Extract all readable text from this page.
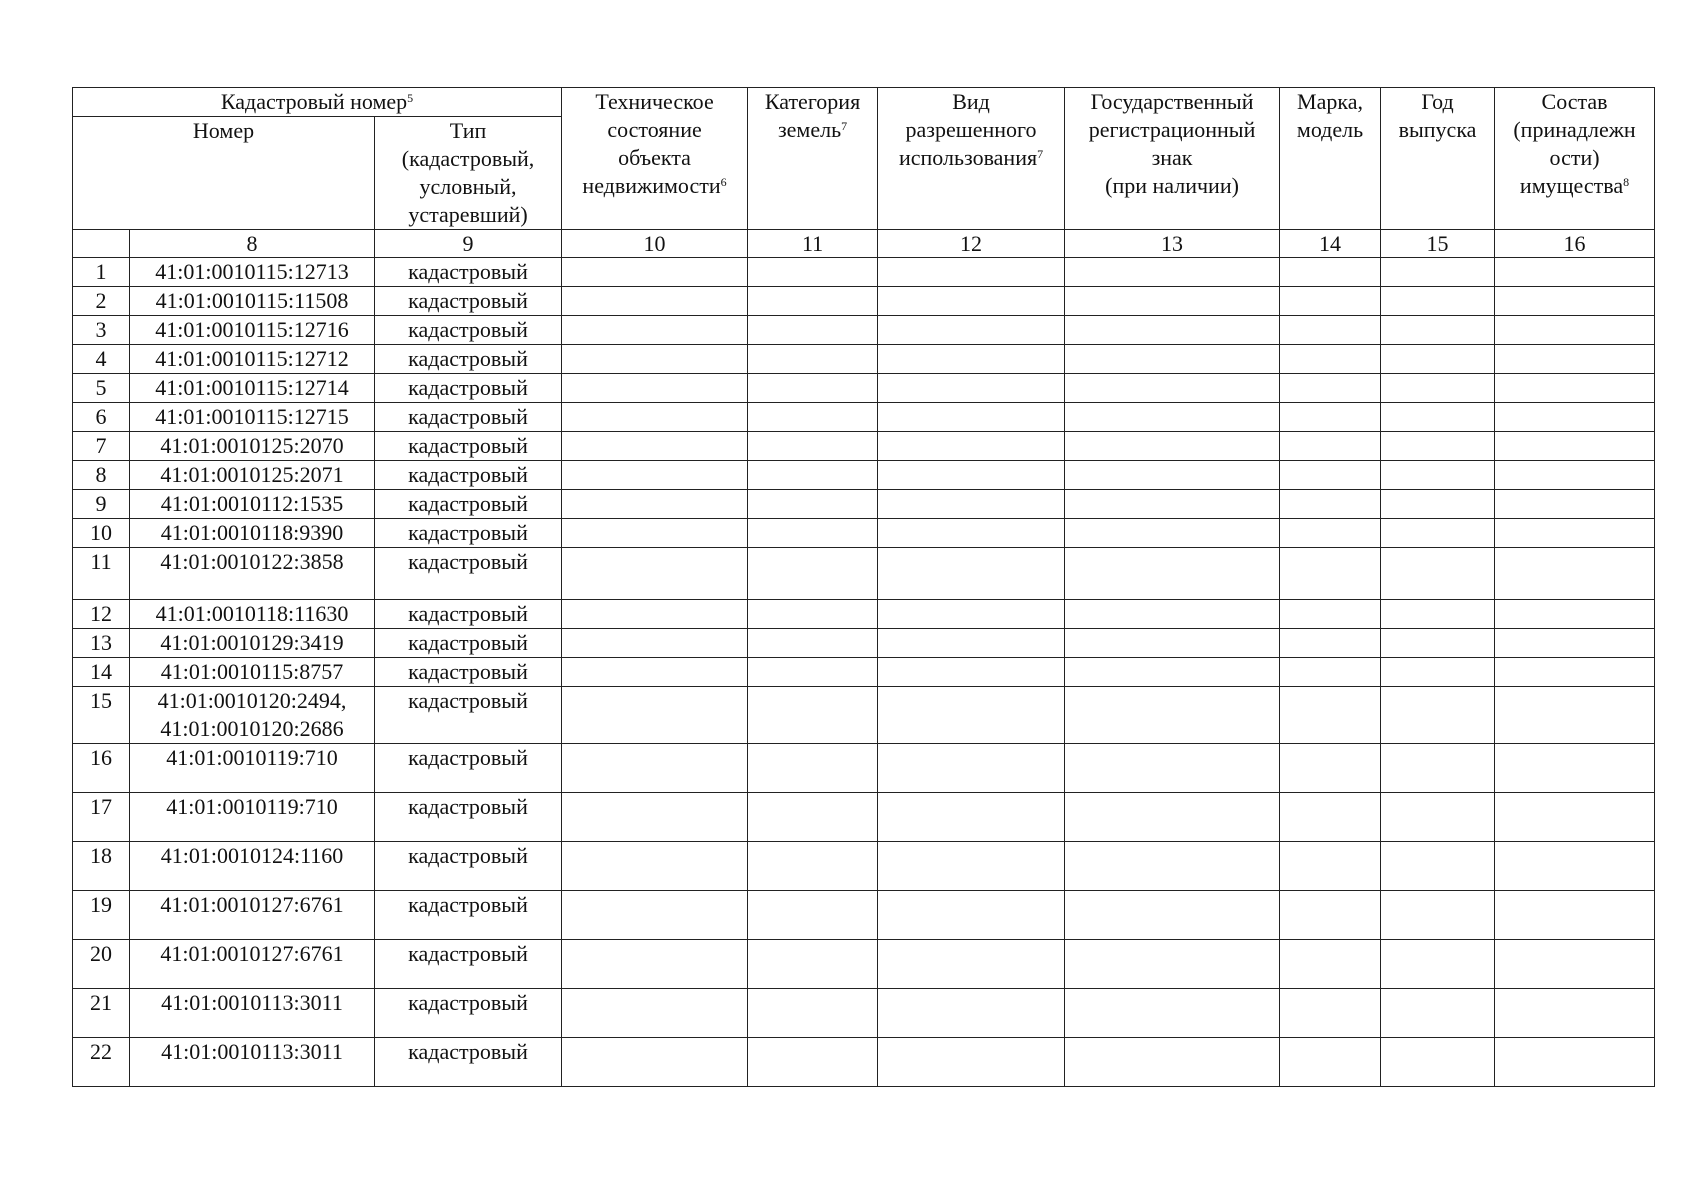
Кадастровый номер$^5$			Техническое
состояние
объекта
недвижимости$^6$	Категория
земель$^7$	Вид
разрешенного
использования$^7$	Государственный
регистрационный
знак
(при наличии)	Марка,
модель	Год
выпуска	Состав
(принадлежн
ости)
имущества$^8$

Номер		Тип
(кадастровый,
условный,
устаревший)							

	8	9	10	11	12	13	14	15	16
1	41:01:0010115:12713	кадастровый							
2	41:01:0010115:11508	кадастровый							
3	41:01:0010115:12716	кадастровый							
4	41:01:0010115:12712	кадастровый							
5	41:01:0010115:12714	кадастровый							
6	41:01:0010115:12715	кадастровый							
7	41:01:0010125:2070	кадастровый							
8	41:01:0010125:2071	кадастровый							
9	41:01:0010112:1535	кадастровый							
10	41:01:0010118:9390	кадастровый							
11	41:01:0010122:3858	кадастровый							
12	41:01:0010118:11630	кадастровый							
13	41:01:0010129:3419	кадастровый							
14	41:01:0010115:8757	кадастровый							
15	41:01:0010120:2494,
41:01:0010120:2686	кадастровый							
16	41:01:0010119:710	кадастровый							
17	41:01:0010119:710	кадастровый							
18	41:01:0010124:1160	кадастровый							
19	41:01:0010127:6761	кадастровый							
20	41:01:0010127:6761	кадастровый							
21	41:01:0010113:3011	кадастровый							
22	41:01:0010113:3011	кадастровый							
